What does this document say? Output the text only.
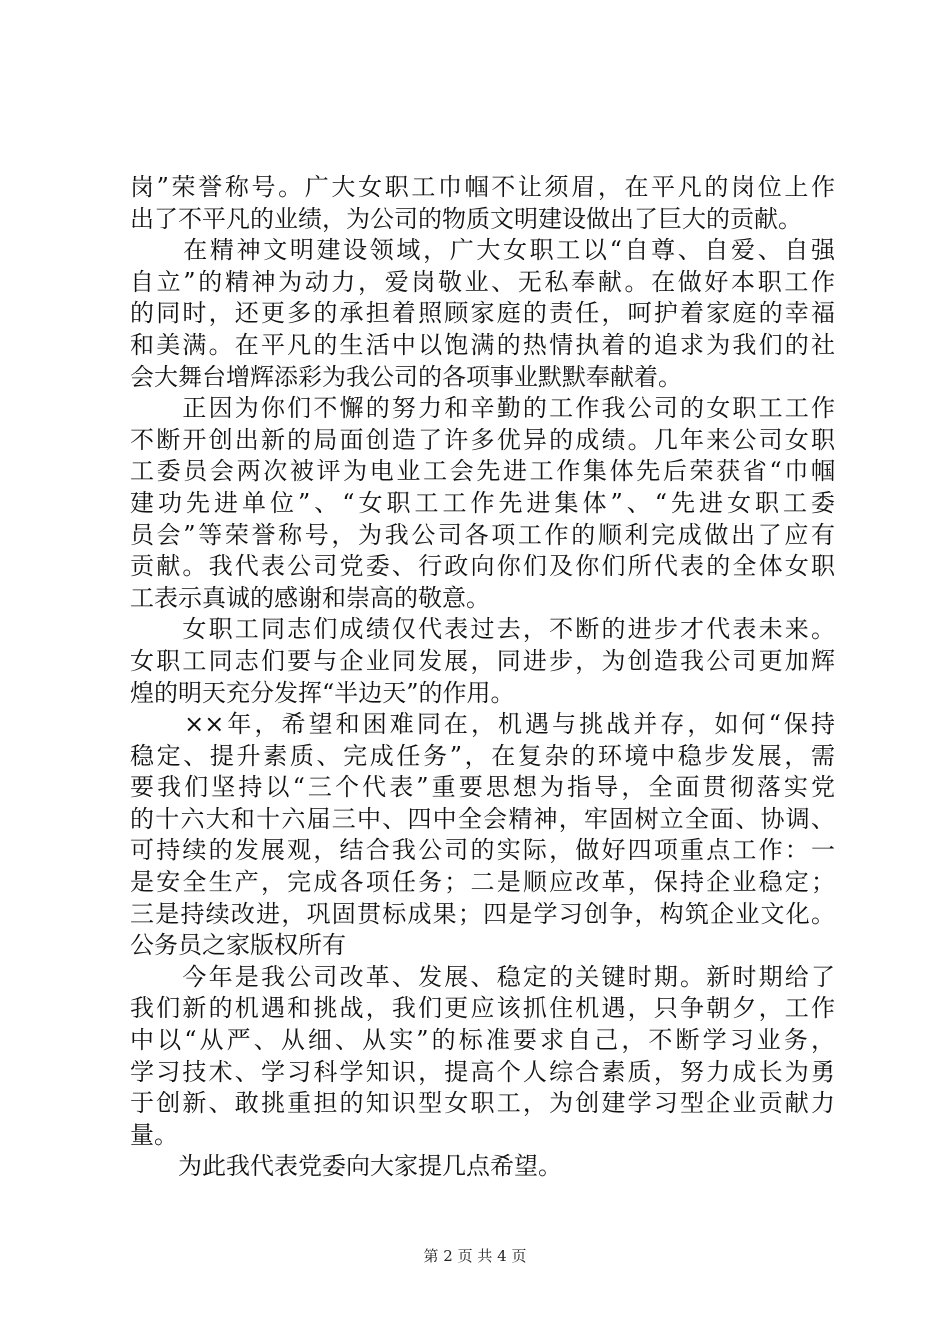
岗”荣誉称号。广大女职工巾帼不让须眉，在平凡的岗位上作
出了不平凡的业绩，为公司的物质文明建设做出了巨大的贡献。
　　在精神文明建设领域，广大女职工以“自尊、自爱、自强
自立”的精神为动力，爱岗敬业、无私奉献。在做好本职工作
的同时，还更多的承担着照顾家庭的责任，呵护着家庭的幸福
和美满。在平凡的生活中以饱满的热情执着的追求为我们的社
会大舞台增辉添彩为我公司的各项事业默默奉献着。
　　正因为你们不懈的努力和辛勤的工作我公司的女职工工作
不断开创出新的局面创造了许多优异的成绩。几年来公司女职
工委员会两次被评为电业工会先进工作集体先后荣获省“巾帼
建功先进单位”、“女职工工作先进集体”、“先进女职工委
员会”等荣誉称号，为我公司各项工作的顺利完成做出了应有
贡献。我代表公司党委、行政向你们及你们所代表的全体女职
工表示真诚的感谢和崇高的敬意。
　　女职工同志们成绩仅代表过去，不断的进步才代表未来。
女职工同志们要与企业同发展，同进步，为创造我公司更加辉
煌的明天充分发挥“半边天”的作用。
　　××年，希望和困难同在，机遇与挑战并存，如何“保持
稳定、提升素质、完成任务”，在复杂的环境中稳步发展，需
要我们坚持以“三个代表”重要思想为指导，全面贯彻落实党
的十六大和十六届三中、四中全会精神，牢固树立全面、协调、
可持续的发展观，结合我公司的实际，做好四项重点工作：一
是安全生产，完成各项任务；二是顺应改革，保持企业稳定；
三是持续改进，巩固贯标成果；四是学习创争，构筑企业文化。
公务员之家版权所有
　　今年是我公司改革、发展、稳定的关键时期。新时期给了
我们新的机遇和挑战，我们更应该抓住机遇，只争朝夕，工作
中以“从严、从细、从实”的标准要求自己，不断学习业务，
学习技术、学习科学知识，提高个人综合素质，努力成长为勇
于创新、敢挑重担的知识型女职工，为创建学习型企业贡献力
量。
　　为此我代表党委向大家提几点希望。
第 2 页 共 4 页
